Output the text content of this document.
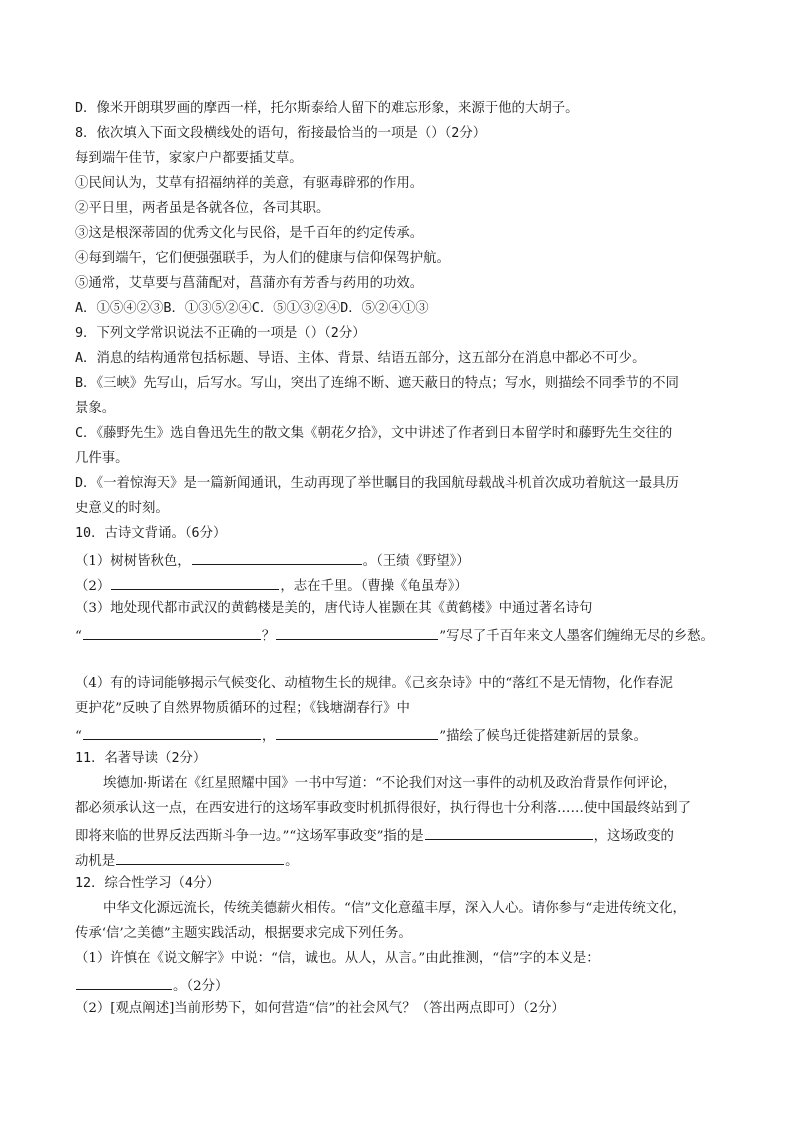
D．像米开朗琪罗画的摩西一样，托尔斯泰给人留下的难忘形象，来源于他的大胡子。
8．依次填入下面文段横线处的语句，衔接最恰当的一项是（）（2分）
每到端午佳节，家家户户都要插艾草。
①民间认为，艾草有招福纳祥的美意，有驱毒辟邪的作用。
②平日里，两者虽是各就各位，各司其职。
③这是根深蒂固的优秀文化与民俗，是千百年的约定传承。
④每到端午，它们便强强联手，为人们的健康与信仰保驾护航。
⑤通常，艾草要与菖蒲配对，菖蒲亦有芳香与药用的功效。
A．①⑤④②③B．①③⑤②④C．⑤①③②④D．⑤②④①③
9．下列文学常识说法不正确的一项是（）（2分）
A．消息的结构通常包括标题、导语、主体、背景、结语五部分，这五部分在消息中都必不可少。
B．《三峡》先写山，后写水。写山，突出了连绵不断、遮天蔽日的特点；写水，则描绘不同季节的不同
景象。
C．《藤野先生》选自鲁迅先生的散文集《朝花夕拾》，文中讲述了作者到日本留学时和藤野先生交往的
几件事。
D．《一着惊海天》是一篇新闻通讯，生动再现了举世瞩目的我国航母载战斗机首次成功着航这一最具历
史意义的时刻。
10．古诗文背诵。（6分）
（1）树树皆秋色，	。（王绩《野望》）
（2）	，志在千里。（曹操《龟虽寿》）
（3）地处现代都市武汉的黄鹤楼是美的，唐代诗人崔颢在其《黄鹤楼》中通过著名诗句
“	？	”写尽了千百年来文人墨客们缠绵无尽的乡愁。
（4）有的诗词能够揭示气候变化、动植物生长的规律。《己亥杂诗》中的“落红不是无情物，化作春泥
更护花”反映了自然界物质循环的过程；《钱塘湖春行》中
“	，	”描绘了候鸟迁徙搭建新居的景象。
11．名著导读（2分）
埃德加·斯诺在《红星照耀中国》一书中写道：“不论我们对这一事件的动机及政治背景作何评论，
都必须承认这一点，在西安进行的这场军事政变时机抓得很好，执行得也十分利落……使中国最终站到了
即将来临的世界反法西斯斗争一边。”“这场军事政变”指的是	，这场政变的
动机是	。
12．综合性学习（4分）
中华文化源远流长，传统美德薪火相传。“信”文化意蕴丰厚，深入人心。请你参与“走进传统文化，
传承‘信’之美德”主题实践活动，根据要求完成下列任务。
（1）许慎在《说文解字》中说：“信，诚也。从人，从言。”由此推测，“信”字的本义是：
。（2分）
（2）[观点阐述]当前形势下，如何营造“信”的社会风气？（答出两点即可）（2分）
